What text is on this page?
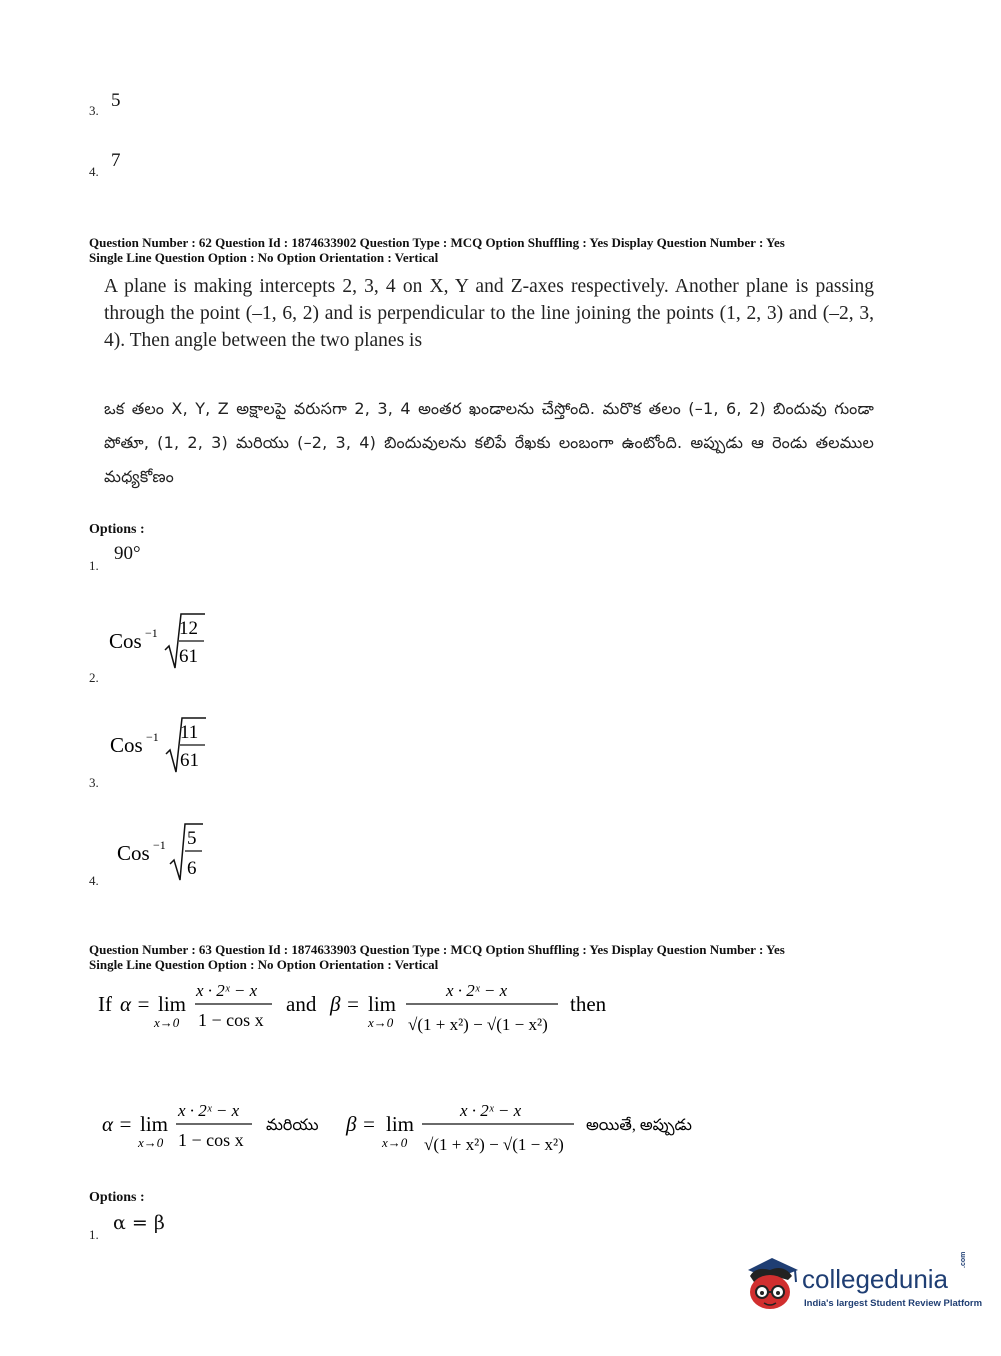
3. 5
4.
7
Question Number : 62 Question Id : 1874633902 Question Type : MCQ Option Shuffling : Yes Display Question Number : Yes
Single Line Question Option : No Option Orientation : Vertical
A plane is making intercepts 2, 3, 4 on X, Y and Z-axes respectively. Another plane is passing through the point (–1, 6, 2) and is perpendicular to the line joining the points (1, 2, 3) and (–2, 3, 4). Then angle between the two planes is
ఒక తలం X, Y, Z అక్షాలపై వరుసగా 2, 3, 4 అంతర ఖండాలను చేస్తోంది. మరొక తలం (–1, 6, 2) బిందువు గుండా పోతూ, (1, 2, 3) మరియు (–2, 3, 4) బిందువులను కలిపే రేఖకు లంబంగా ఉంటోంది. అప్పుడు ఆ రెండు తలముల మధ్యకోణం
Options :
1.
90°
Cos −1 12
61
2.
Cos −1 11
61
3.
Cos −1 5
6
4.
Question Number : 63 Question Id : 1874633903 Question Type : MCQ Option Shuffling : Yes Display Question Number : Yes
Single Line Question Option : No Option Orientation : Vertical
If α = lim
x→0
x · 2ˣ − x
1 − cos x
and β = lim
x→0
x · 2ˣ − x
√(1 + x²) − √(1 − x²)
then
α = lim
x→0
x · 2ˣ − x
1 − cos x
మరియు β = lim
x→0
x · 2ˣ − x
√(1 + x²) − √(1 − x²)
అయితే, అప్పుడు
Options :
1.
α = β
collegedunia
.com
India's largest Student Review Platform
